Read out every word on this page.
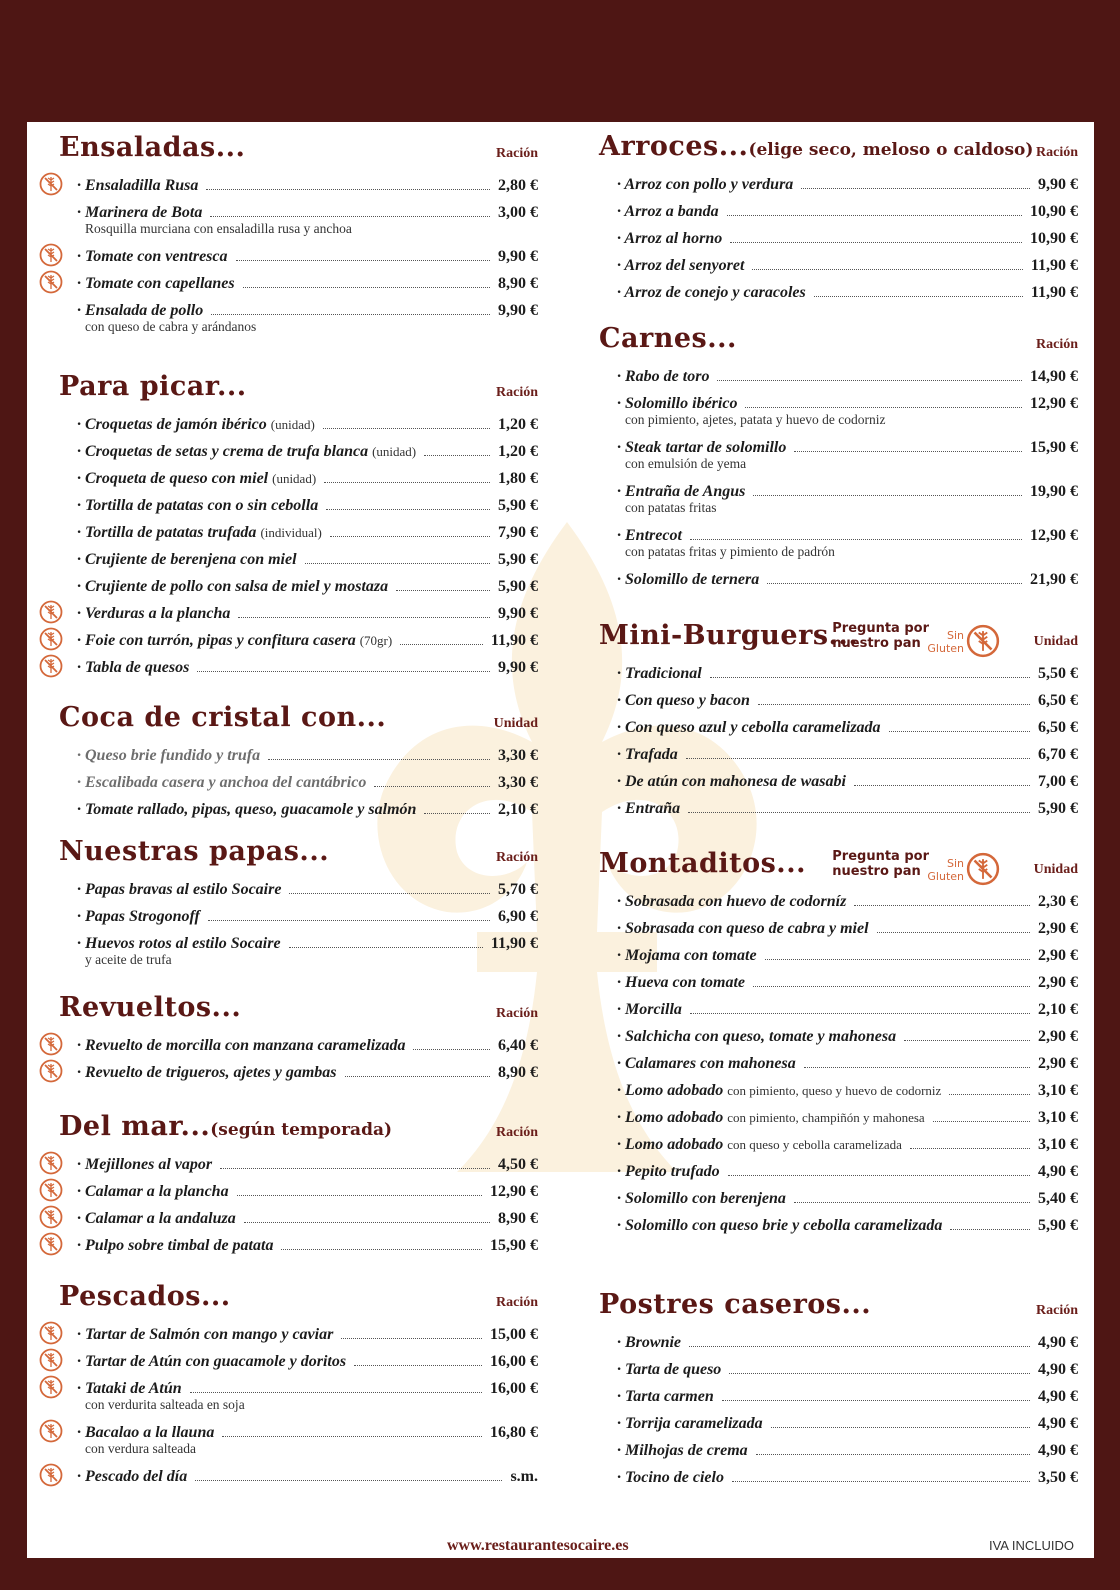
Ensaladas...	Ración
· Ensaladilla Rusa	2,80 €
· Marinera de Bota	3,00 €
Rosquilla murciana con ensaladilla rusa y anchoa
· Tomate con ventresca	9,90 €
· Tomate con capellanes	8,90 €
· Ensalada de pollo	9,90 €
con queso de cabra y arándanos
Para picar...	Ración
· Croquetas de jamón ibérico (unidad)	1,20 €
· Croquetas de setas y crema de trufa blanca (unidad)	1,20 €
· Croqueta de queso con miel (unidad)	1,80 €
· Tortilla de patatas con o sin cebolla	5,90 €
· Tortilla de patatas trufada (individual)	7,90 €
· Crujiente de berenjena con miel	5,90 €
· Crujiente de pollo con salsa de miel y mostaza	5,90 €
· Verduras a la plancha	9,90 €
· Foie con turrón, pipas y confitura casera (70gr)	11,90 €
· Tabla de quesos	9,90 €
Coca de cristal con...	Unidad
· Queso brie fundido y trufa	3,30 €
· Escalibada casera y anchoa del cantábrico	3,30 €
· Tomate rallado, pipas, queso, guacamole y salmón	2,10 €
Nuestras papas...	Ración
· Papas bravas al estilo Socaire	5,70 €
· Papas Strogonoff	6,90 €
· Huevos rotos al estilo Socaire	11,90 €
y aceite de trufa
Revueltos...	Ración
· Revuelto de morcilla con manzana caramelizada	6,40 €
· Revuelto de trigueros, ajetes y gambas	8,90 €
Del mar...(según temporada)	Ración
· Mejillones al vapor	4,50 €
· Calamar a la plancha	12,90 €
· Calamar a la andaluza	8,90 €
· Pulpo sobre timbal de patata	15,90 €
Pescados...	Ración
· Tartar de Salmón con mango y caviar	15,00 €
· Tartar de Atún con guacamole y doritos	16,00 €
· Tataki de Atún	16,00 €
con verdurita salteada en soja
· Bacalao a la llauna	16,80 €
con verdura salteada
· Pescado del día	s.m.
Arroces...(elige seco, meloso o caldoso) Ración
· Arroz con pollo y verdura	9,90 €
· Arroz a banda	10,90 €
· Arroz al horno	10,90 €
· Arroz del senyoret	11,90 €
· Arroz de conejo y caracoles	11,90 €
Carnes...	Ración
· Rabo de toro	14,90 €
· Solomillo ibérico	12,90 €
con pimiento, ajetes, patata y huevo de codorniz
· Steak tartar de solomillo	15,90 €
con emulsión de yema
· Entraña de Angus	19,90 €
con patatas fritas
· Entrecot	12,90 €
con patatas fritas y pimiento de padrón
· Solomillo de ternera	21,90 €
Mini-Burguers...
Pregunta por
nuestro pan
Sin
Gluten	Unidad
· Tradicional	5,50 €
· Con queso y bacon	6,50 €
· Con queso azul y cebolla caramelizada	6,50 €
· Trafada	6,70 €
· De atún con mahonesa de wasabi	7,00 €
· Entraña	5,90 €
Montaditos... Pregunta por
nuestro pan
Sin
Gluten	Unidad
· Sobrasada con huevo de codorníz	2,30 €
· Sobrasada con queso de cabra y miel	2,90 €
· Mojama con tomate	2,90 €
· Hueva con tomate	2,90 €
· Morcilla	2,10 €
· Salchicha con queso, tomate y mahonesa	2,90 €
· Calamares con mahonesa	2,90 €
· Lomo adobado con pimiento, queso y huevo de codorniz	3,10 €
· Lomo adobado con pimiento, champiñón y mahonesa	3,10 €
· Lomo adobado con queso y cebolla caramelizada	3,10 €
· Pepito trufado	4,90 €
· Solomillo con berenjena	5,40 €
· Solomillo con queso brie y cebolla caramelizada	5,90 €
Postres caseros...	Ración
· Brownie	4,90 €
· Tarta de queso	4,90 €
· Tarta carmen	4,90 €
· Torrija caramelizada	4,90 €
· Milhojas de crema	4,90 €
· Tocino de cielo	3,50 €
www.restaurantesocaire.es	IVA INCLUIDO
